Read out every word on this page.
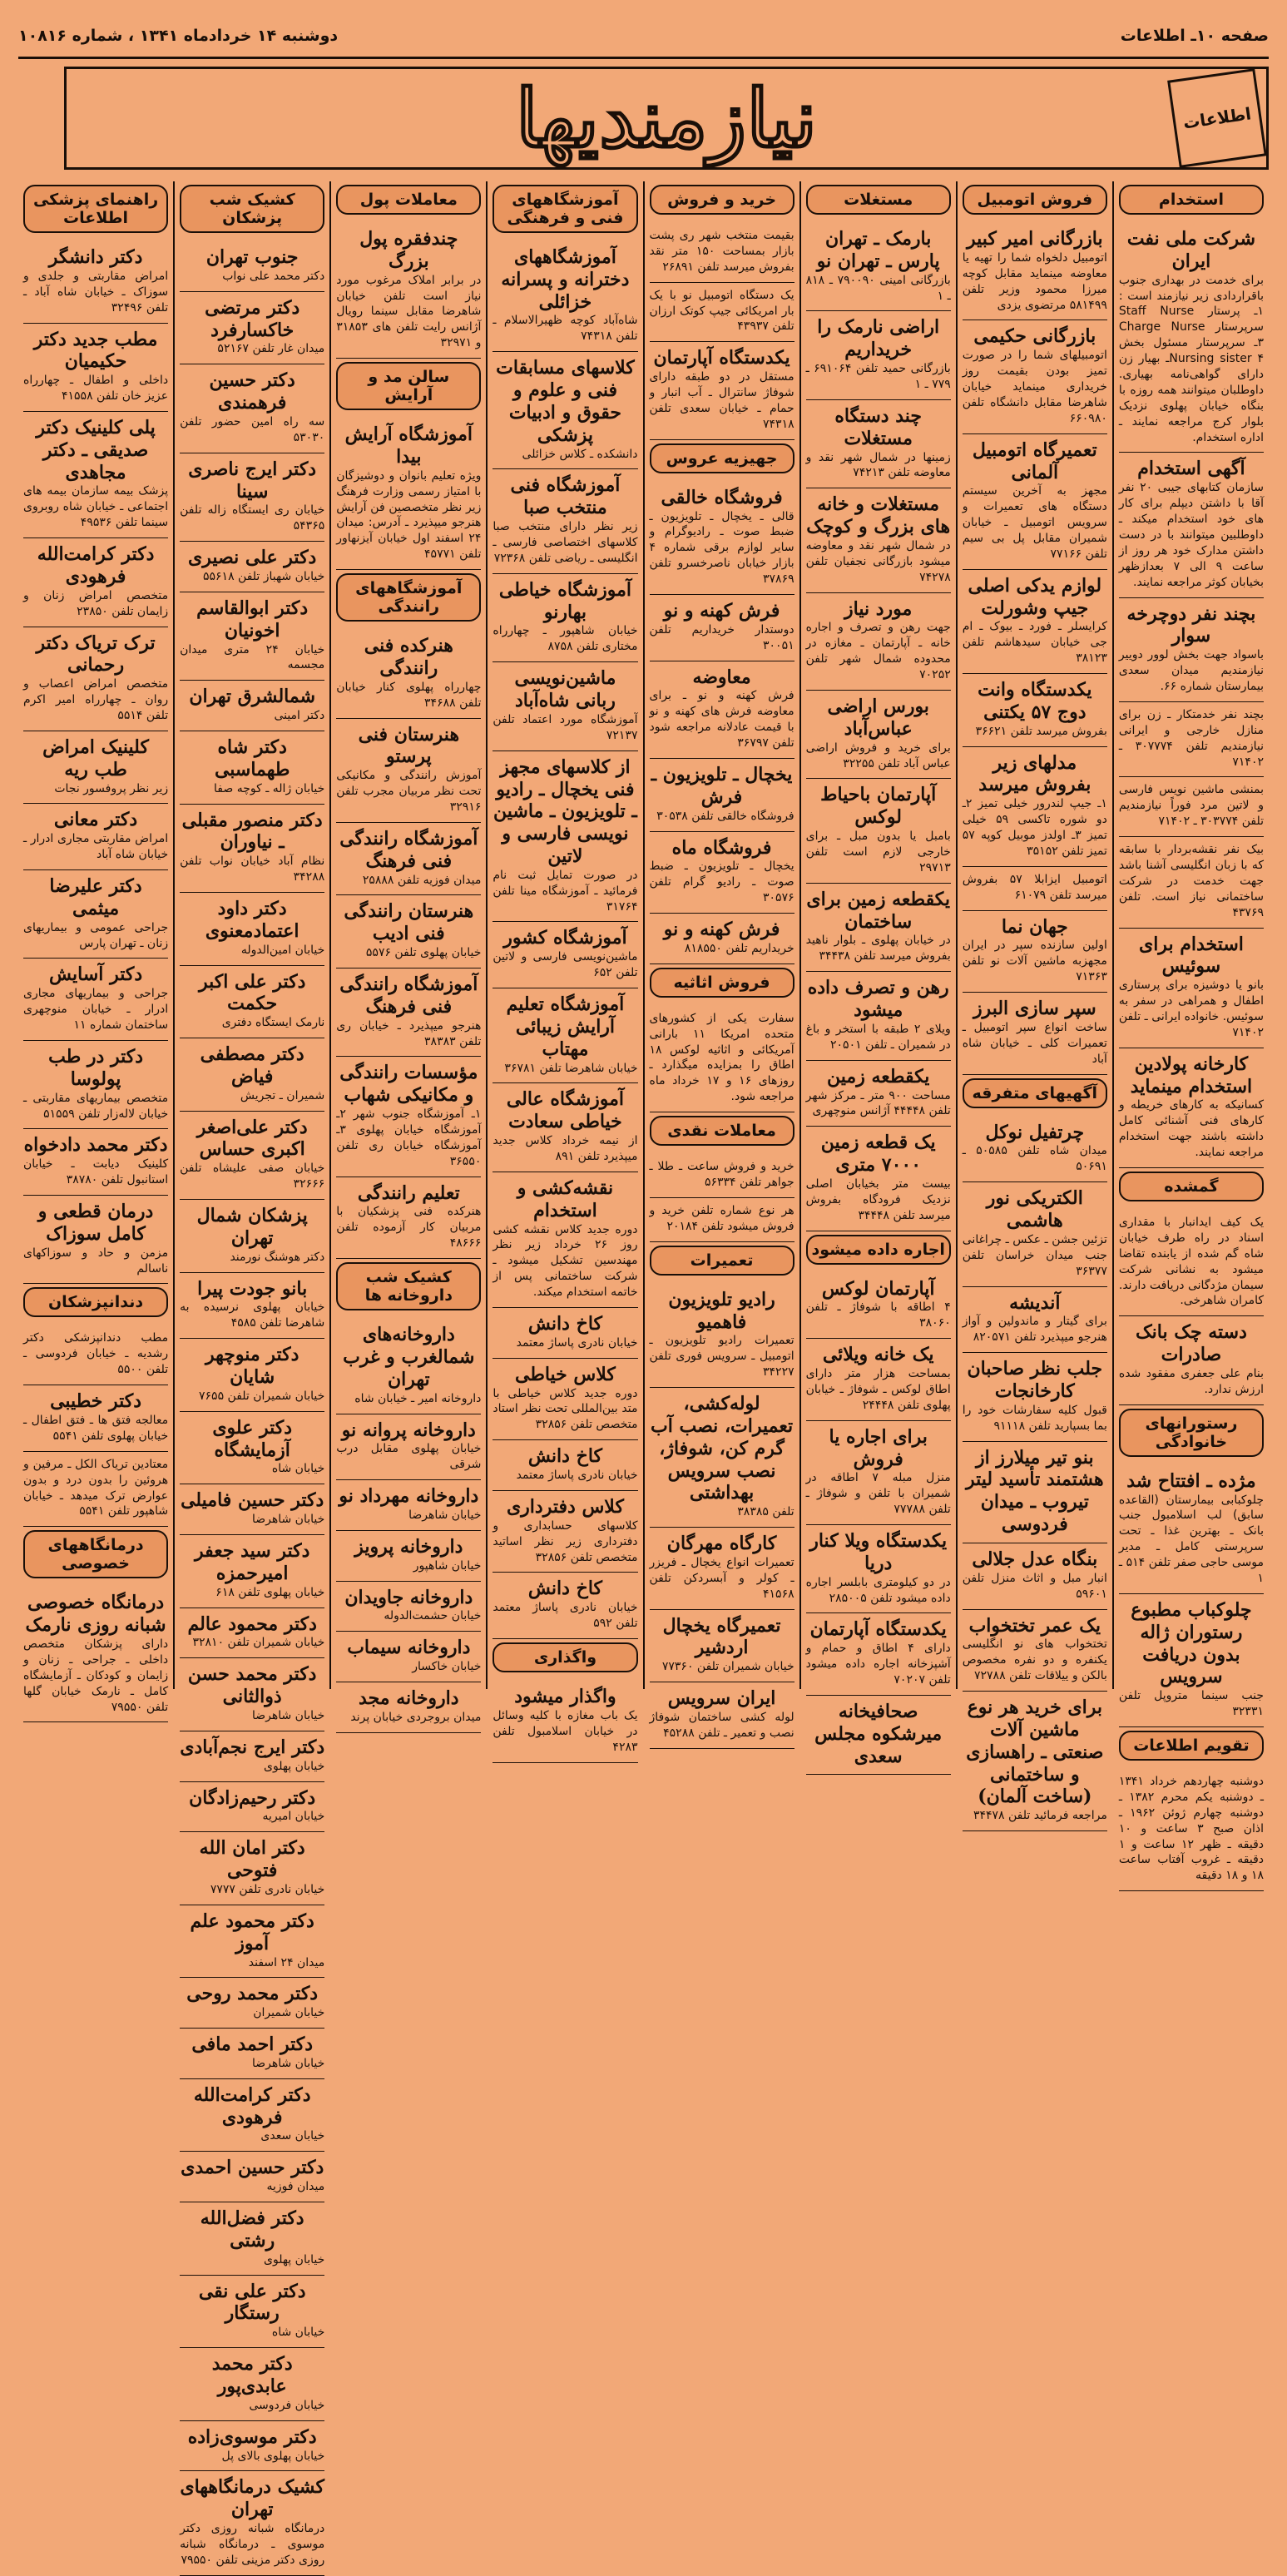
صفحه ۱۰ـ اطلاعات
دوشنبه ۱۴ خردادماه ۱۳۴۱ ، شماره ۱۰۸۱۶
نیازمندیها	اطلاعات
استخدام
شرکت ملی نفت ایران
برای خدمت در بهداری جنوب باقراردادی زیر نیازمند است : ۱ـ پرستار Staff Nurse سرپرستار Charge Nurse ۳ـ سرپرستار مسئول بخش Nursing sister ۴ـ بهیار زن دارای گواهی‌نامه بهیاری. داوطلبان میتوانند همه روزه با بنگاه خیابان پهلوی نزدیک بلوار کرج مراجعه نمایند ـ اداره استخدام.
آگهی استخدام
سازمان کتابهای جیبی ۲۰ نفر آقا با داشتن دیپلم برای کار های خود استخدام میکند ـ داوطلبین میتوانند با در دست داشتن مدارک خود هر روز از ساعت ۹ الی ۷ بعدازظهر بخیابان کوثر مراجعه نمایند.
بچند نفر دوچرخه سوار
باسواد جهت بخش لوور دوییر نیازمندیم میدان سعدی بیمارستان شماره ۶۶.
بچند نفر خدمتکار ـ زن برای منازل خارجی و ایرانی نیازمندیم تلفن ۳۰۷۷۷۴ ـ ۷۱۴۰۲
بمنشی ماشین نویس فارسی و لاتین مرد فوراً نیازمندیم تلفن ۳۰۳۷۷۴ ـ ۷۱۴۰۲
بیک نفر نقشه‌بردار با سابقه که با زبان انگلیسی آشنا باشد جهت خدمت در شرکت ساختمانی نیاز است. تلفن ۴۳۷۶۹
استخدام برای سوئیس
بانو یا دوشیزه برای پرستاری اطفال و همراهی در سفر به سوئیس. خانواده ایرانی ـ تلفن ۷۱۴۰۲
کارخانه پولادین استخدام مینماید
کسانیکه به کارهای خریطه و کارهای فنی آشنائی کامل داشته باشند جهت استخدام مراجعه نمایند.
گمشده
یک کیف ایدانبار با مقداری اسناد در راه طرف خیابان شاه گم شده از یابنده تقاضا میشود به نشانی شرکت سیمان مژدگانی دریافت دارند. کامران شاهرخی.
دسته چک بانک صادرات
بنام علی جعفری مفقود شده ارزش ندارد.
رستورانهای خانوادگی
مژده ـ افتتاح شد
چلوکبابی بیمارستان (القاعده سابق) لب اسلامبول جنب بانک ـ بهترین غذا ـ تحت سرپرستی کامل ـ مدیر موسی حاجی صفر تلفن ۵۱۴ ـ ۱
چلوکباب مطبوع رستوران ژاله بدون دریافت سرویس
جنب سینما متروپل تلفن ۳۲۳۳۱
تقویم اطلاعات
دوشنبه چهاردهم خرداد ۱۳۴۱ ـ دوشنبه یکم محرم ۱۳۸۲ ـ دوشنبه چهارم ژوئن ۱۹۶۲ ـ اذان صبح ۳ ساعت و ۱۰ دقیقه ـ ظهر ۱۲ ساعت و ۱ دقیقه ـ غروب آفتاب ساعت ۱۸ و ۱۸ دقیقه
فروش اتومبیل
بازرگانی امیر کبیر
اتومبیل دلخواه شما را تهیه یا معاوضه مینماید مقابل کوچه میرزا محمود وزیر تلفن ۵۸۱۴۹۹ مرتضوی یزدی
بازرگانی حکیمی
اتومبیلهای شما را در صورت تمیز بودن بقیمت روز خریداری مینماید خیابان شاهرضا مقابل دانشگاه تلفن ۶۶۰۹۸۰
تعمیرگاه اتومبیل آلمانی
مجهز به آخرین سیستم دستگاه های تعمیرات و سرویس اتومبیل ـ خیابان شمیران مقابل پل بی سیم تلفن ۷۷۱۶۶
لوازم یدکی اصلی جیپ وشورلت
کرایسلر ـ فورد ـ بیوک ـ ام جی خیابان سیدهاشم تلفن ۳۸۱۲۳
یکدستگاه وانت دوج ۵۷ یکتنی
بفروش میرسد تلفن ۳۶۶۲۱
مدلهای زیر بفروش میرسد
۱ـ جیپ لندرور خیلی تمیز ۲ـ دو شوره تاکسی ۵۹ خیلی تمیز ۳ـ اولدز موبیل کوپه ۵۷ تمیز تلفن ۳۵۱۵۲
اتومبیل ایزابلا ۵۷ بفروش میرسد تلفن ۶۱۰۷۹
جهان نما
اولین سازنده سپر در ایران مجهزبه ماشین آلات نو تلفن ۷۱۳۶۳
سپر سازی البرز
ساخت انواع سپر اتومبیل ـ تعمیرات کلی ـ خیابان شاه آباد
آگهیهای متفرقه
چرتفیل نوکل
میدان شاه تلفن ۵۰۵۸۵ ـ ۵۰۶۹۱
الکتریکی نور هاشمی
تزئین جشن ـ عکس ـ چراغانی جنب میدان خراسان تلفن ۳۶۳۷۷
آندیشه
برای گیتار و ماندولین و آواز هنرجو میپذیرد تلفن ۸۲۰۵۷۱
جلب نظر صاحبان کارخانجات
قبول کلیه سفارشات خود را بما بسپارید تلفن ۹۱۱۱۸
بنو تیر میلارز از هشتمند تأسید لیتر تیروب ـ میدان فردوسی
بنگاه عدل جلالی
انبار مبل و اثاث منزل تلفن ۵۹۶۰۱
یک عمر تختخواب
تختخواب های نو انگلیسی یکنفره و دو نفره مخصوص بالکن و ییلاقات تلفن ۷۲۷۸۸
برای خرید هر نوع ماشین آلات صنعتی ـ راهسازی و ساختمانی (ساخت آلمان)
مراجعه فرمائید تلفن ۳۴۴۷۸
مستغلات
بارمک ـ تهران پارس ـ تهران نو
بازرگانی امینی ۷۹۰۰۹۰ ـ ۸۱۸ ـ ۱
اراضی نارمک را خریداریم
بازرگانی حمید تلفن ۶۹۱۰۶۴ ـ ۷۷۹ ـ ۱
چند دستگاه مستغلات
زمینها در شمال شهر نقد و معاوضه تلفن ۷۴۲۱۳
مستغلات و خانه های بزرگ و کوچک
در شمال شهر نقد و معاوضه میشود بازرگانی نجفیان تلفن ۷۴۲۷۸
مورد نیاز
جهت رهن و تصرف و اجاره خانه ـ آپارتمان ـ مغازه در محدوده شمال شهر تلفن ۷۰۲۵۲
بورس اراضی عباس‌آباد
برای خرید و فروش اراضی عباس آباد تلفن ۳۲۲۵۵
آپارتمان باحیاط لوکس
بامبل یا بدون مبل ـ برای خارجی لازم است تلفن ۲۹۷۱۳
یکقطعه زمین برای ساختمان
در خیابان پهلوی ـ بلوار ناهید بفروش میرسد تلفن ۳۴۴۳۸
رهن و تصرف داده میشود
ویلای ۲ طبقه با استخر و باغ در شمیران ـ تلفن ۲۰۵۰۱
یکقطعه زمین
مساحت ۹۰۰ متر ـ مرکز شهر تلفن ۴۴۴۴۸ آژانس منوچهری
یک قطعه زمین ۷۰۰۰ متری
بیست متر بخیابان اصلی نزدیک فرودگاه بفروش میرسد تلفن ۳۴۴۴۸
اجاره داده میشود
آپارتمان لوکس
۴ اطاقه با شوفاژ ـ تلفن ۳۸۰۶۰
یک خانه ویلائی
بمساحت هزار متر دارای اطاق لوکس ـ شوفاژ ـ خیابان پهلوی تلفن ۲۴۴۴۸
برای اجاره یا فروش
منزل مبله ۷ اطاقه در شمیران با تلفن و شوفاژ ـ تلفن ۷۷۷۸۸
یکدستگاه ویلا کنار دریا
در دو کیلومتری بابلسر اجاره داده میشود تلفن ۲۸۵۰۰۵
یکدستگاه آپارتمان
دارای ۴ اطاق و حمام و آشپزخانه اجاره داده میشود تلفن ۷۰۲۰۷
صحافیخانه میرشکوه مجلس سعدی
خرید و فروش
بقیمت منتخب شهر ری پشت بازار بمساحت ۱۵۰ متر نقد بفروش میرسد تلفن ۲۶۸۹۱
یک دستگاه اتومبیل نو با یک بار امریکائی جیپ کوتک ارزان تلفن ۴۳۹۳۷
یکدستگاه آپارتمان
مستقل در دو طبقه دارای شوفاژ سانترال ـ آب انبار و حمام ـ خیابان سعدی تلفن ۷۴۳۱۸
جهیزیه عروس
فروشگاه خالقی
قالی ـ یخچال ـ تلویزیون ـ ضبط صوت ـ رادیوگرام و سایر لوازم برقی شماره ۴ بازار خیابان ناصرخسرو تلفن ۳۷۸۶۹
فرش کهنه و نو
دوستدار خریداریم تلفن ۳۰۰۵۱
معاوضه
فرش کهنه و نو ـ برای معاوضه فرش های کهنه و نو با قیمت عادلانه مراجعه شود تلفن ۳۶۷۹۷
یخچال ـ تلویزیون ـ فرش
فروشگاه خالقی تلفن ۳۰۵۳۸
فروشگاه ماه
یخچال ـ تلویزیون ـ ضبط صوت ـ رادیو گرام تلفن ۳۰۵۷۶
فرش کهنه و نو
خریداریم تلفن ۸۱۸۵۵۰
فروش اثاثیه
سفارت یکی از کشورهای متحده امریکا ۱۱ بارانی آمریکائی و اثاثیه لوکس ۱۸ اطاق را بمزایده میگذارد ـ روزهای ۱۶ و ۱۷ خرداد ماه مراجعه شود.
معاملات نقدی
خرید و فروش ساعت ـ طلا ـ جواهر تلفن ۵۶۳۳۴
هر نوع شماره تلفن خرید و فروش میشود تلفن ۲۰۱۸۴
تعمیرات
رادیو تلویزیون فاهمیو
تعمیرات رادیو تلویزیون ـ اتومبیل ـ سرویس فوری تلفن ۳۴۲۲۷
لوله‌کشی، تعمیرات، نصب آب گرم کن، شوفاژ، نصب سرویس بهداشتی
تلفن ۳۸۳۸۵
کارگاه مهرگان
تعمیرات انواع یخچال ـ فریزر ـ کولر و آبسردکن تلفن ۴۱۵۶۸
تعمیرگاه یخچال اردشیر
خیابان شمیران تلفن ۷۷۳۶۰
ایران سرویس
لوله کشی ساختمان شوفاژ نصب و تعمیر ـ تلفن ۴۵۲۸۸
آموزشگاههای فنی و فرهنگی
آموزشگاههای دخترانه و پسرانه خزائلی
شاه‌آباد کوچه ظهیرالاسلام ـ تلفن ۷۴۳۱۸
کلاسهای مسابقات فنی و علوم و حقوق و ادبیات پزشکی
دانشکده ـ کلاس خزائلی
آموزشگاه فنی منتخب صبا
زیر نظر دارای منتخب صبا کلاسهای اختصاصی فارسی ـ انگلیسی ـ ریاضی تلفن ۷۲۳۶۸
آموزشگاه خیاطی بهارنو
خیابان شاهپور ـ چهارراه مختاری تلفن ۸۷۵۸
ماشین‌نویسی ربانی شاه‌آباد
آموزشگاه مورد اعتماد تلفن ۷۲۱۳۷
از کلاسهای مجهز فنی یخچال ـ رادیو ـ تلویزیون ـ ماشین نویسی فارسی و لاتین
در صورت تمایل ثبت نام فرمائید ـ آموزشگاه مینا تلفن ۳۱۷۶۴
آموزشگاه کشور
ماشین‌نویسی فارسی و لاتین تلفن ۶۵۲
آموزشگاه تعلیم آرایش زیبائی مهتاب
خیابان شاهرضا تلفن ۳۶۷۸۱
آموزشگاه عالی خیاطی سعادت
از نیمه خرداد کلاس جدید میپذیرد تلفن ۸۹۱
نقشه‌کشی و استخدام
دوره جدید کلاس نقشه کشی روز ۲۶ خرداد زیر نظر مهندسین تشکیل میشود ـ شرکت ساختمانی پس از خاتمه استخدام میکند.
کاخ دانش
خیابان نادری پاساژ معتمد
کلاس خیاطی
دوره جدید کلاس خیاطی با متد بین‌المللی تحت نظر استاد متخصص تلفن ۳۲۸۵۶
کاخ دانش
خیابان نادری پاساژ معتمد
کلاس دفترداری
کلاسهای حسابداری و دفترداری زیر نظر اساتید متخصص تلفن ۳۲۸۵۶
کاخ دانش
خیابان نادری پاساژ معتمد تلفن ۵۹۲
واگذاری
واگذار میشود
یک باب مغازه با کلیه وسائل در خیابان اسلامبول تلفن ۴۲۸۳
معاملات پول
چندفقره پول بزرگ
در برابر املاک مرغوب مورد نیاز است تلفن خیابان شاهرضا مقابل سینما رویال آژانس رایت تلفن های ۳۱۸۵۳ و ۳۲۹۷۱
سالن مد و آرایش
آموزشگاه آرایش بیدا
ویژه تعلیم بانوان و دوشیزگان با امتیاز رسمی وزارت فرهنگ زیر نظر متخصصین فن آرایش هنرجو میپذیرد ـ آدرس: میدان ۲۴ اسفند اول خیابان آیزنهاور تلفن ۴۵۷۷۱
آموزشگاههای رانندگی
هنرکده فنی رانندگی
چهارراه پهلوی کنار خیابان تلفن ۳۴۶۸۸
هنرستان فنی پرستو
آموزش رانندگی و مکانیکی تحت نظر مربیان مجرب تلفن ۳۲۹۱۶
آموزشگاه رانندگی فنی فرهنگ
میدان فوزیه تلفن ۲۵۸۸۸
هنرستان رانندگی فنی ادیب
خیابان پهلوی تلفن ۵۵۷۶
آموزشگاه رانندگی فنی فرهنگ
هنرجو میپذیرد ـ خیابان ری تلفن ۳۸۳۸۳
مؤسسات رانندگی و مکانیکی شهاب
۱ـ آموزشگاه جنوب شهر ۲ـ آموزشگاه خیابان پهلوی ۳ـ آموزشگاه خیابان ری تلفن ۳۶۵۵۰
تعلیم رانندگی
هنرکده فنی پزشکیان با مربیان کار آزموده تلفن ۴۸۶۶۶
کشیک شب داروخانه ها
داروخانه‌های شمالغرب و غرب تهران
داروخانه امیر ـ خیابان شاه
داروخانه پروانه نو
خیابان پهلوی مقابل درب شرقی
داروخانه مهرداد نو
خیابان شاهرضا
داروخانه پرویز
خیابان شاهپور
داروخانه جاویدان
خیابان حشمت‌الدوله
داروخانه سیماب
خیابان خاکسار
داروخانه مجد
میدان بروجردی خیابان پرند
کشیک شب پزشکان
جنوب تهران
دکتر محمد علی نواب
دکتر مرتضی خاکسارفرد
میدان غار تلفن ۵۲۱۶۷
دکتر حسین فرهمندی
سه راه امین حضور تلفن ۵۳۰۳۰
دکتر ایرج ناصری سینا
خیابان ری ایستگاه زاله تلفن ۵۴۳۶۵
دکتر علی نصیری
خیابان شهباز تلفن ۵۵۶۱۸
دکتر ابوالقاسم اخونیان
خیابان ۲۴ متری میدان مجسمه
شمالشرق تهران
دکتر امینی
دکتر شاه طهماسبی
خیابان ژاله ـ کوچه صفا
دکتر منصور مقبلی ـ نیاوران
نظام آباد خیابان نواب تلفن ۳۴۲۸۸
دکتر داود اعتمادمعنوی
خیابان امین‌الدوله
دکتر علی اکبر حکمت
نارمک ایستگاه دفتری
دکتر مصطفی فیاض
شمیران ـ تجریش
دکتر علی‌اصغر اکبری حساس
خیابان صفی علیشاه تلفن ۳۲۶۶۶
پزشکان شمال تهران
دکتر هوشنگ نورمند
بانو جودت پیرا
خیابان پهلوی نرسیده به شاهرضا تلفن ۴۵۸۵
دکتر منوچهر شایان
خیابان شمیران تلفن ۷۶۵۵
دکتر علوی آزمایشگاه
خیابان شاه
دکتر حسین فامیلی
خیابان شاهرضا
دکتر سید جعفر امیرحمزه
خیابان پهلوی تلفن ۶۱۸
دکتر محمود عالم
خیابان شمیران تلفن ۳۲۸۱۰
دکتر محمد حسن ذوالثانی
خیابان شاهرضا
دکتر ایرج نجم‌آبادی
خیابان پهلوی
دکتر رحیم‌زادگان
خیابان امیریه
دکتر امان الله فتوحی
خیابان نادری تلفن ۷۷۷۷
دکتر محمود علم آموز
میدان ۲۴ اسفند
دکتر محمد روحی
خیابان شمیران
دکتر احمد مافی
خیابان شاهرضا
دکتر کرامت‌الله فرهودی
خیابان سعدی
دکتر حسین احمدی
میدان فوزیه
دکتر فضل‌الله رشتی
خیابان پهلوی
دکتر علی نقی رستگار
خیابان شاه
دکتر محمد عابدی‌پور
خیابان فردوسی
دکتر موسوی‌زاده
خیابان پهلوی بالای پل
کشیک درمانگاههای تهران
درمانگاه شبانه روزی دکتر موسوی ـ درمانگاه شبانه روزی دکتر مزینی تلفن ۷۹۵۵۰
راهنمای پزشکی اطلاعات
دکتر دانشگر
امراض مقاربتی و جلدی و سوزاک ـ خیابان شاه آباد ـ تلفن ۳۲۴۹۶
مطب جدید دکتر حکیمیان
داخلی و اطفال ـ چهارراه عزیز خان تلفن ۴۱۵۵۸
پلی کلینیک دکتر صدیقی ـ دکتر مجاهدی
پزشک بیمه سازمان بیمه های اجتماعی ـ خیابان شاه روبروی سینما تلفن ۴۹۵۳۶
دکتر کرامت‌الله فرهودی
متخصص امراض زنان و زایمان تلفن ۲۳۸۵۰
ترک تریاک دکتر رحمانی
متخصص امراض اعصاب و روان ـ چهارراه امیر اکرم تلفن ۵۵۱۴
کلینیک امراض طب ریه
زیر نظر پروفسور نجات
دکتر معانی
امراض مقاربتی مجاری ادرار ـ خیابان شاه آباد
دکتر علیرضا میثمی
جراحی عمومی و بیماریهای زنان ـ تهران پارس
دکتر آسایش
جراحی و بیماریهای مجاری ادرار ـ خیابان منوچهری ساختمان شماره ۱۱
دکتر در طب پولوسا
متخصص بیماریهای مقاربتی ـ خیابان لاله‌زار تلفن ۵۱۵۵۹
دکتر محمد دادخواه
کلینیک دیابت ـ خیابان استانبول تلفن ۳۸۷۸۰
درمان قطعی و کامل سوزاک
مزمن و حاد و سوزاکهای ناسالم
دندانپزشکان
مطب دندانپزشکی دکتر رشدیه ـ خیابان فردوسی ـ تلفن ۵۵۰۰
دکتر خطیبی
معالجه فتق ها ـ فتق اطفال ـ خیابان پهلوی تلفن ۵۵۴۱
معتادین تریاک الکل ـ مرفین و هروئین را بدون درد و بدون عوارض ترک میدهد ـ خیابان شاهپور تلفن ۵۵۴۱
درمانگاههای خصوصی
درمانگاه خصوصی شبانه روزی نارمک
دارای پزشکان متخصص داخلی ـ جراحی ـ زنان و زایمان و کودکان ـ آزمایشگاه کامل ـ نارمک خیابان گلها تلفن ۷۹۵۵۰
